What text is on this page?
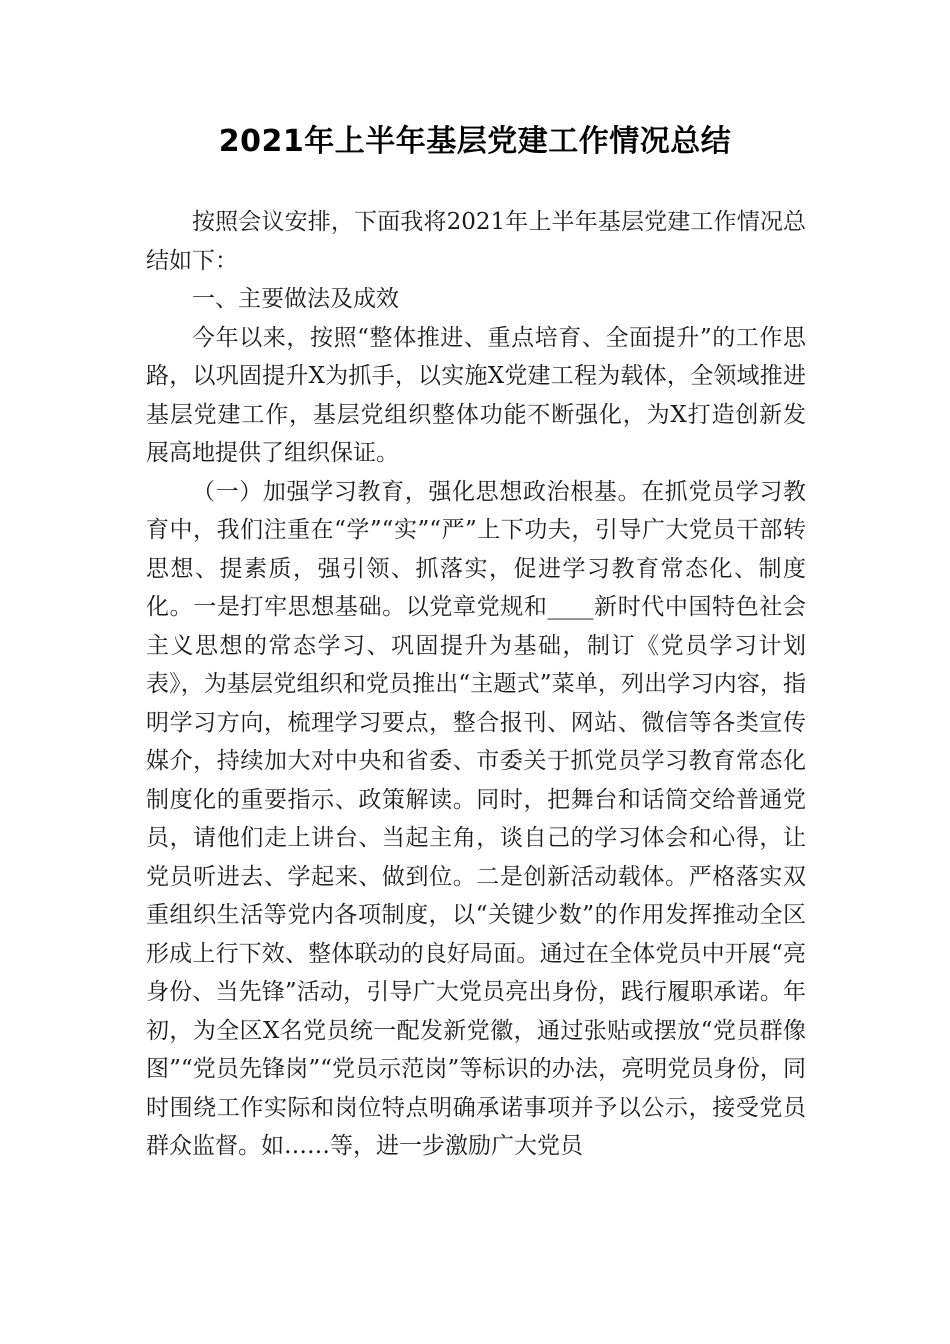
2021年上半年基层党建工作情况总结

按照会议安排，下面我将2021年上半年基层党建工作情况总结如下：

一、主要做法及成效

今年以来，按照“整体推进、重点培育、全面提升”的工作思路，以巩固提升X为抓手，以实施X党建工程为载体，全领域推进基层党建工作，基层党组织整体功能不断强化，为X打造创新发展高地提供了组织保证。

（一）加强学习教育，强化思想政治根基。在抓党员学习教育中，我们注重在“学”“实”“严”上下功夫，引导广大党员干部转思想、提素质，强引领、抓落实，促进学习教育常态化、制度化。一是打牢思想基础。以党章党规和____新时代中国特色社会主义思想的常态学习、巩固提升为基础，制订《党员学习计划表》，为基层党组织和党员推出“主题式”菜单，列出学习内容，指明学习方向，梳理学习要点，整合报刊、网站、微信等各类宣传媒介，持续加大对中央和省委、市委关于抓党员学习教育常态化制度化的重要指示、政策解读。同时，把舞台和话筒交给普通党员，请他们走上讲台、当起主角，谈自己的学习体会和心得，让党员听进去、学起来、做到位。二是创新活动载体。严格落实双重组织生活等党内各项制度，以“关键少数”的作用发挥推动全区形成上行下效、整体联动的良好局面。通过在全体党员中开展“亮身份、当先锋”活动，引导广大党员亮出身份，践行履职承诺。年初，为全区X名党员统一配发新党徽，通过张贴或摆放“党员群像图”“党员先锋岗”“党员示范岗”等标识的办法，亮明党员身份，同时围绕工作实际和岗位特点明确承诺事项并予以公示，接受党员群众监督。如……等，进一步激励广大党员
